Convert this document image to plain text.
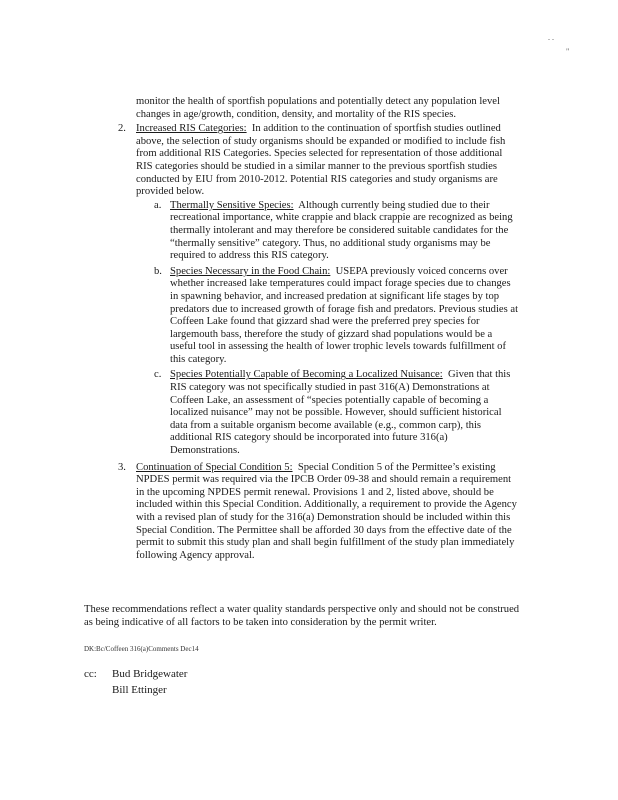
. .
"
monitor the health of sportfish populations and potentially detect any population level changes in age/growth, condition, density, and mortality of the RIS species.
2. Increased RIS Categories: In addition to the continuation of sportfish studies outlined above, the selection of study organisms should be expanded or modified to include fish from additional RIS Categories. Species selected for representation of those additional RIS categories should be studied in a similar manner to the previous sportfish studies conducted by EIU from 2010-2012. Potential RIS categories and study organisms are provided below.
a. Thermally Sensitive Species: Although currently being studied due to their recreational importance, white crappie and black crappie are recognized as being thermally intolerant and may therefore be considered suitable candidates for the “thermally sensitive” category. Thus, no additional study organisms may be required to address this RIS category.
b. Species Necessary in the Food Chain: USEPA previously voiced concerns over whether increased lake temperatures could impact forage species due to changes in spawning behavior, and increased predation at significant life stages by top predators due to increased growth of forage fish and predators. Previous studies at Coffeen Lake found that gizzard shad were the preferred prey species for largemouth bass, therefore the study of gizzard shad populations would be a useful tool in assessing the health of lower trophic levels towards fulfillment of this category.
c. Species Potentially Capable of Becoming a Localized Nuisance: Given that this RIS category was not specifically studied in past 316(A) Demonstrations at Coffeen Lake, an assessment of “species potentially capable of becoming a localized nuisance” may not be possible. However, should sufficient historical data from a suitable organism become available (e.g., common carp), this additional RIS category should be incorporated into future 316(a) Demonstrations.
3. Continuation of Special Condition 5: Special Condition 5 of the Permittee’s existing NPDES permit was required via the IPCB Order 09-38 and should remain a requirement in the upcoming NPDES permit renewal. Provisions 1 and 2, listed above, should be included within this Special Condition. Additionally, a requirement to provide the Agency with a revised plan of study for the 316(a) Demonstration should be included within this Special Condition. The Permittee shall be afforded 30 days from the effective date of the permit to submit this study plan and shall begin fulfillment of the study plan immediately following Agency approval.
These recommendations reflect a water quality standards perspective only and should not be construed as being indicative of all factors to be taken into consideration by the permit writer.
DK:Bc/Coffeen 316(a)Comments Dec14
cc: Bud Bridgewater
Bill Ettinger
